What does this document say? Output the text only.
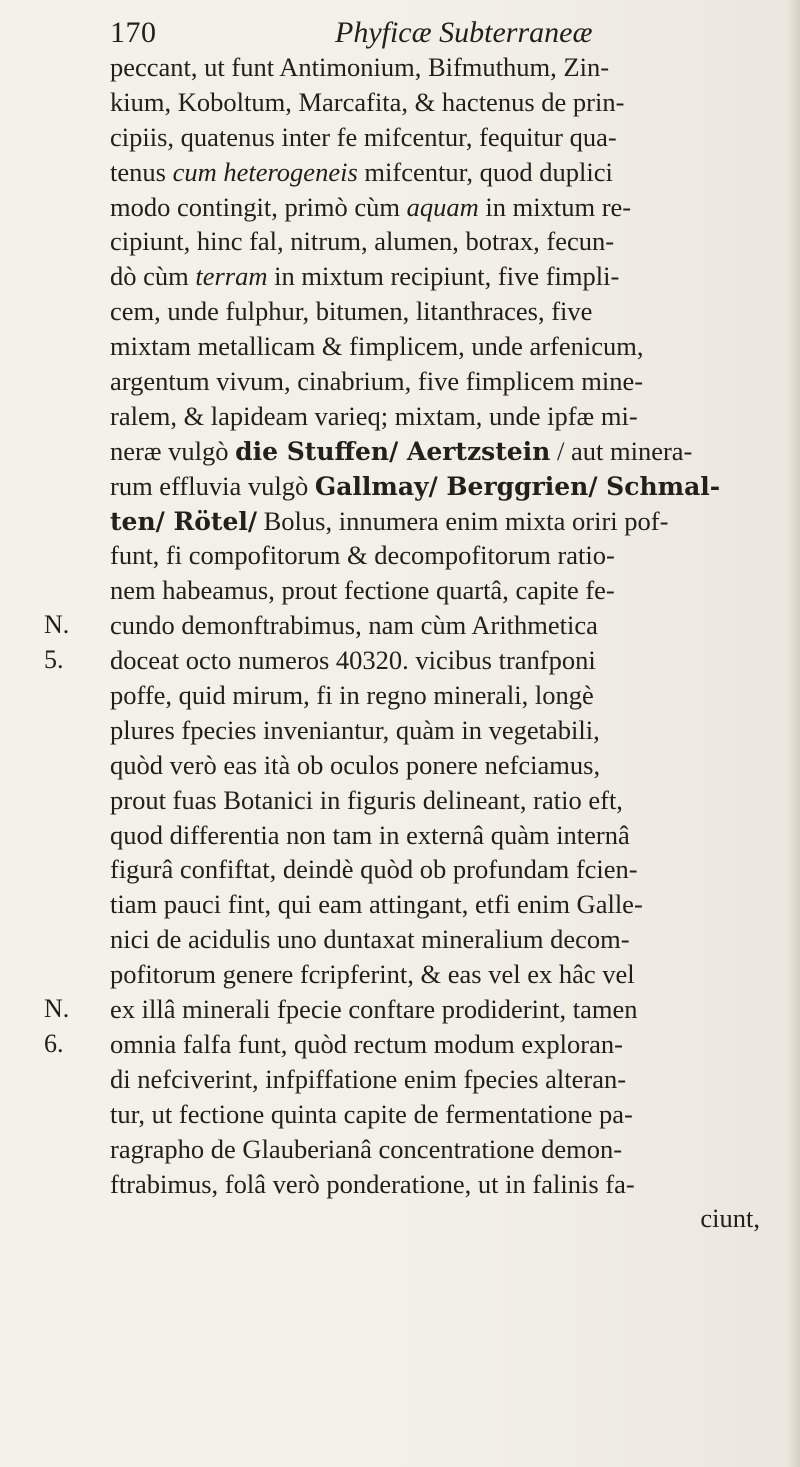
170	Phyficæ Subterraneæ
N.
5.
N.
6.
peccant, ut funt Antimonium, Bifmuthum, Zin-
kium, Koboltum, Marcafita, & hactenus de prin-
cipiis, quatenus inter fe mifcentur, fequitur qua-
tenus cum heterogeneis mifcentur, quod duplici
modo contingit, primò cùm aquam in mixtum re-
cipiunt, hinc fal, nitrum, alumen, botrax, fecun-
dò cùm terram in mixtum recipiunt, five fimpli-
cem, unde fulphur, bitumen, litanthraces, five
mixtam metallicam & fimplicem, unde arfenicum,
argentum vivum, cinabrium, five fimplicem mine-
ralem, & lapideam varieq; mixtam, unde ipfæ mi-
neræ vulgò die Stuffen/ Aertzstein / aut minera-
rum effluvia vulgò Gallmay/ Berggrien/ Schmal-
ten/ Rötel/ Bolus, innumera enim mixta oriri pof-
funt, fi compofitorum & decompofitorum ratio-
nem habeamus, prout fectione quartâ, capite fe-
cundo demonftrabimus, nam cùm Arithmetica
doceat octo numeros 40320. vicibus tranfponi
poffe, quid mirum, fi in regno minerali, longè
plures fpecies inveniantur, quàm in vegetabili,
quòd verò eas ità ob oculos ponere nefciamus,
prout fuas Botanici in figuris delineant, ratio eft,
quod differentia non tam in externâ quàm internâ
figurâ confiftat, deindè quòd ob profundam fcien-
tiam pauci fint, qui eam attingant, etfi enim Galle-
nici de acidulis uno duntaxat mineralium decom-
pofitorum genere fcripferint, & eas vel ex hâc vel
ex illâ minerali fpecie conftare prodiderint, tamen
omnia falfa funt, quòd rectum modum exploran-
di nefciverint, infpiffatione enim fpecies alteran-
tur, ut fectione quinta capite de fermentatione pa-
ragrapho de Glauberianâ concentratione demon-
ftrabimus, folâ verò ponderatione, ut in falinis fa-
ciunt,
